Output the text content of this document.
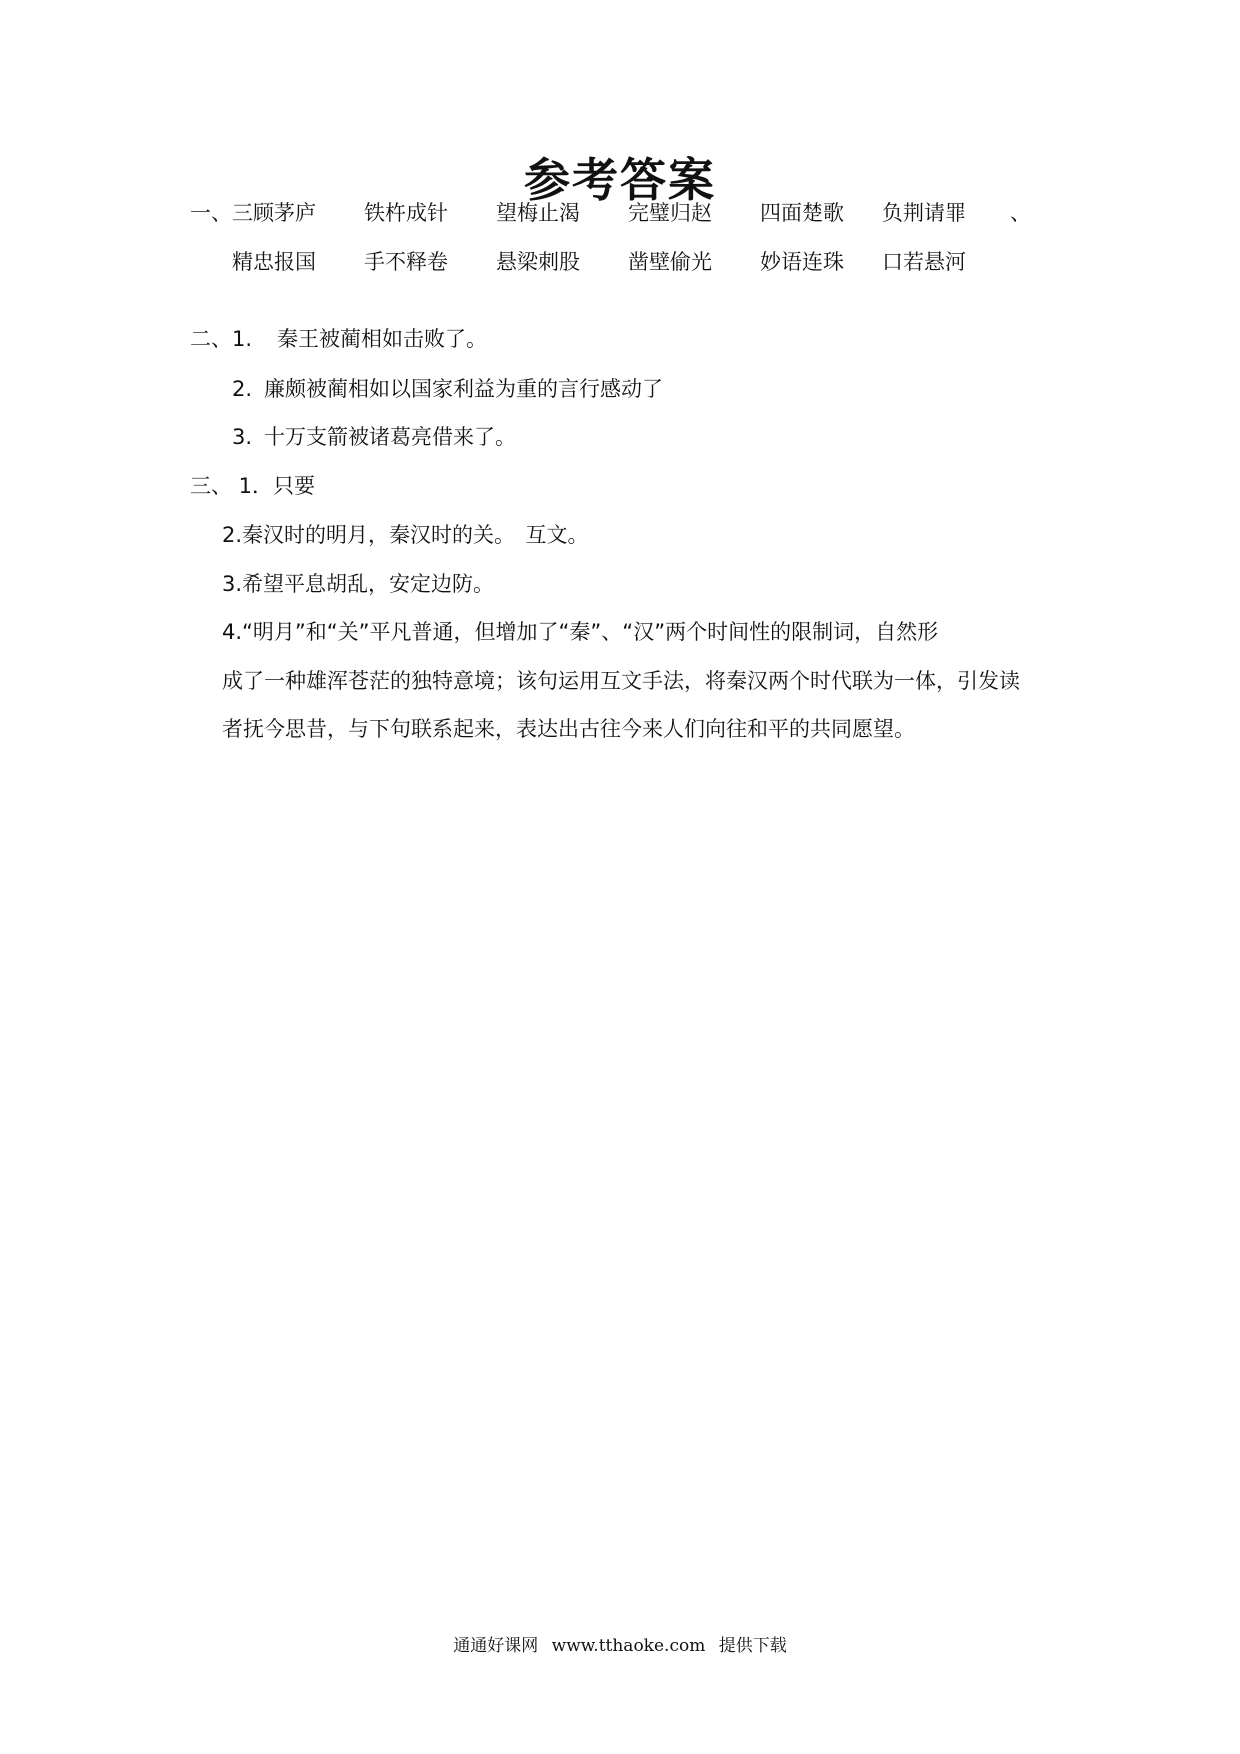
参考答案
一、 三顾茅庐 铁杵成针 望梅止渴 完璧归赵 四面楚歌 负荆请罪 、
精忠报国 手不释卷 悬梁刺股 凿壁偷光 妙语连珠 口若悬河
二、1. 秦王被蔺相如击败了。
2. 廉颇被蔺相如以国家利益为重的言行感动了
3. 十万支箭被诸葛亮借来了。
三、 1．只要
2.秦汉时的明月，秦汉时的关。　互文。
3.希望平息胡乱，安定边防。
4.“明月”和“关”平凡普通，但增加了“秦”、“汉”两个时间性的限制词，自然形
成了一种雄浑苍茫的独特意境；该句运用互文手法，将秦汉两个时代联为一体，引发读
者抚今思昔，与下句联系起来，表达出古往今来人们向往和平的共同愿望。
通通好课网 www.tthaoke.com 提供下载
